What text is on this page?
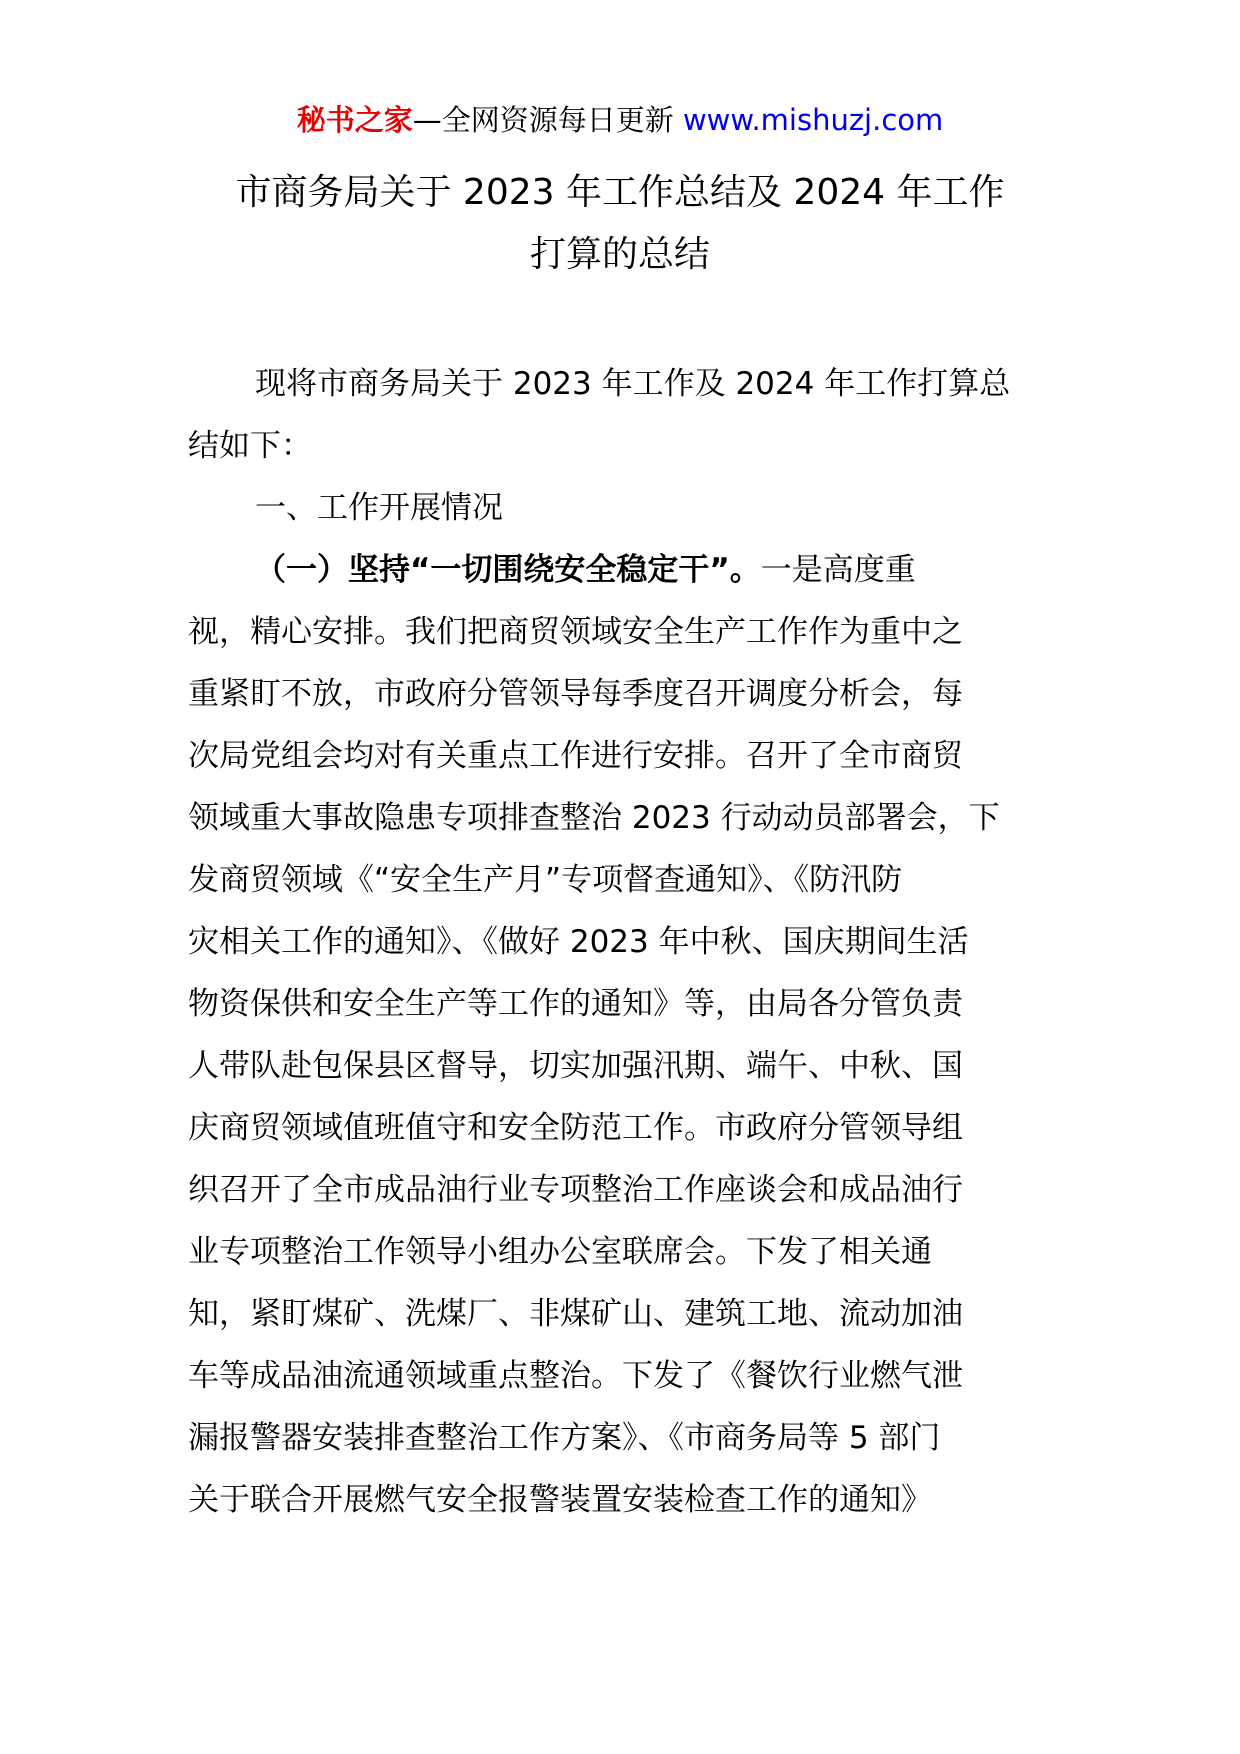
秘书之家—全网资源每日更新 www.mishuzj.com
市商务局关于 2023 年工作总结及 2024 年工作
打算的总结
现将市商务局关于 2023 年工作及 2024 年工作打算总
结如下：
一、工作开展情况
（一）坚持“一切围绕安全稳定干”。一是高度重
视，精心安排。我们把商贸领域安全生产工作作为重中之
重紧盯不放，市政府分管领导每季度召开调度分析会，每
次局党组会均对有关重点工作进行安排。召开了全市商贸
领域重大事故隐患专项排查整治 2023 行动动员部署会，下
发商贸领域《“安全生产月”专项督查通知》、《防汛防
灾相关工作的通知》、《做好 2023 年中秋、国庆期间生活
物资保供和安全生产等工作的通知》等，由局各分管负责
人带队赴包保县区督导，切实加强汛期、端午、中秋、国
庆商贸领域值班值守和安全防范工作。市政府分管领导组
织召开了全市成品油行业专项整治工作座谈会和成品油行
业专项整治工作领导小组办公室联席会。下发了相关通
知，紧盯煤矿、洗煤厂、非煤矿山、建筑工地、流动加油
车等成品油流通领域重点整治。下发了《餐饮行业燃气泄
漏报警器安装排查整治工作方案》、《市商务局等 5 部门
关于联合开展燃气安全报警装置安装检查工作的通知》
